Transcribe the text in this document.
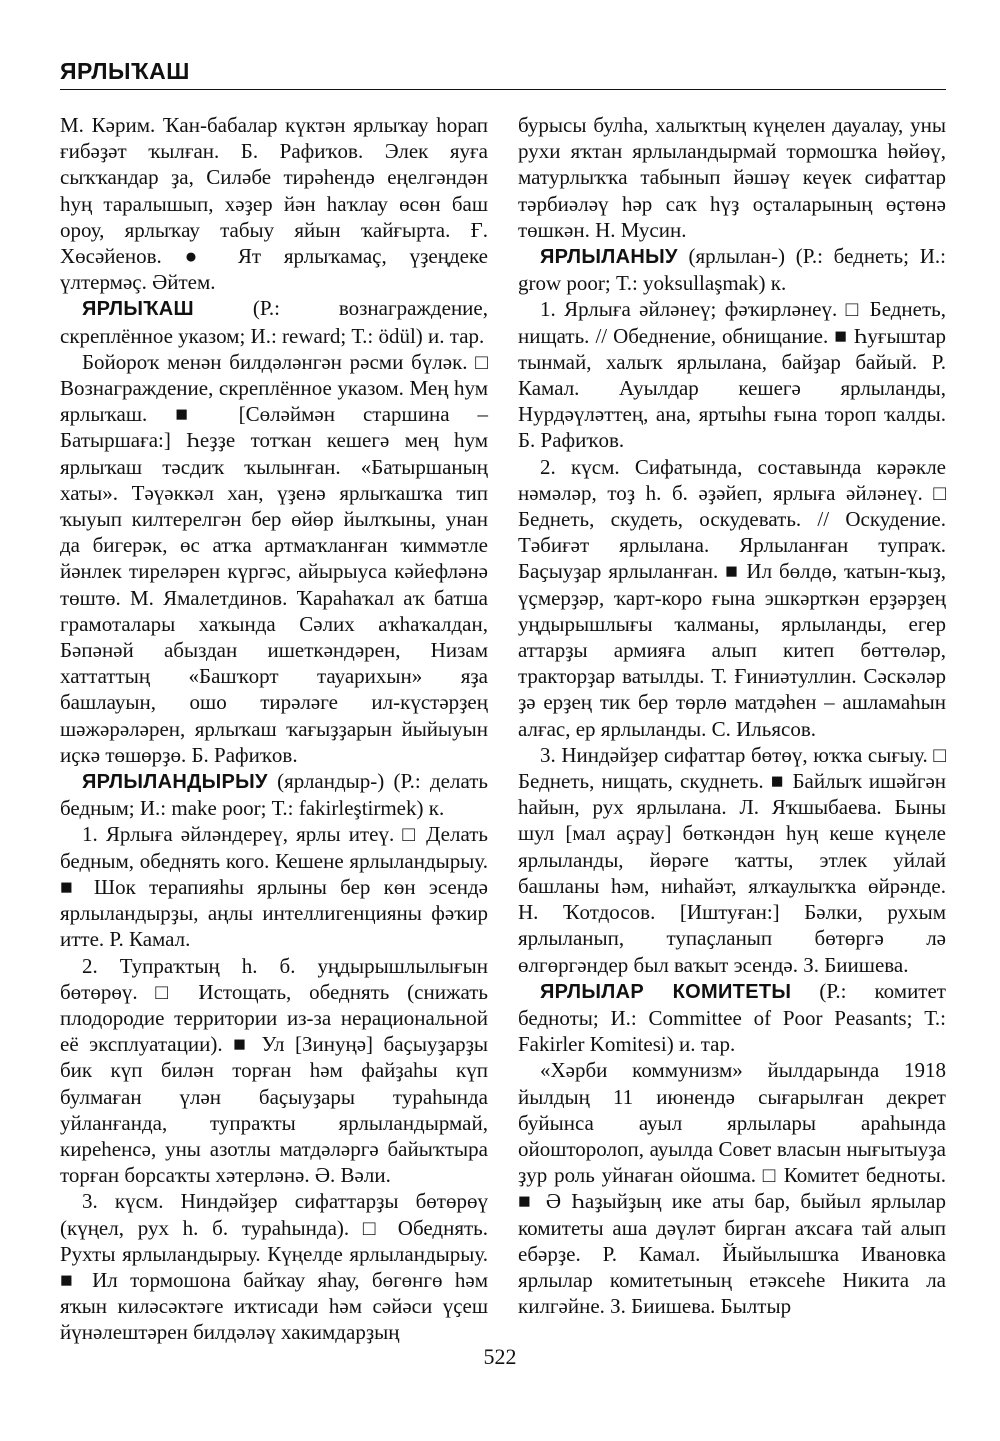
ЯРЛЫҠАШ

М. Кәрим. Ҡан-бабалар күктән ярлыҡау һорап ғибәҙәт ҡылған. Б. Рафиҡов. Элек яуға сыҡҡандар ҙа, Силәбе тирәһендә еңелгәндән һуң таралышып, хәҙер йән һаҡлау өсөн баш ороу, ярлыҡау табыу яйын ҡайғырта. Ғ. Хөсәйенов. ● Ят ярлыҡамаç, үҙеңдеке үлтермәç. Әйтем.

ЯРЛЫҠАШ (Р.: вознаграждение, скреплённое указом; И.: reward; Т.: ödül) и. тар.

Бойороҡ менән билдәләнгән рәсми бүләк. □ Вознаграждение, скреплённое указом. Мең һум ярлыҡаш. ■ [Сөләймән старшина – Батыршаға:] Һеҙҙе тотҡан кешегә мең һум ярлыҡаш тәсдиҡ ҡылынған. «Батыршаның хаты». Тәүәккәл хан, үҙенә ярлыҡашҡа тип ҡыуып килтерелгән бер өйөр йылҡыны, унан да бигерәк, өс атҡа артмаҡланған ҡиммәтле йәнлек тиреләрен күргәс, айырыуса кәйефләнә төштө. М. Ямалетдинов. Ҡараһаҡал аҡ батша грамоталары хаҡында Сәлих аҡһаҡалдан, Бәпәнәй абыздан ишеткәндәрен, Низам хаттаттың «Башҡорт тауарихын» яҙа башлауын, ошо тирәләге ил-күстәрҙең шәжәрәләрен, ярлыҡаш ҡағыҙҙарын йыйыуын иҫкә төшөрҙө. Б. Рафиҡов.

ЯРЛЫЛАНДЫРЫУ (ярландыр-) (Р.: делать бедным; И.: make poor; Т.: fakirleştirmek) к.

1. Ярлыға әйләндереү, ярлы итеү. □ Делать бедным, обеднять кого. Кешене ярлыландырыу. ■ Шок терапияһы ярлыны бер көн эсендә ярлыландырҙы, аңлы интеллигенцияны фәҡир итте. Р. Камал.

2. Тупраҡтың һ. б. уңдырышлылығын бөтөрөү. □ Истощать, обеднять (снижать плодородие территории из-за нерациональной её эксплуатации). ■ Ул [Зинуңә] баҫыуҙарҙы бик күп билән торған һәм файҙаһы күп булмаған үлән баҫыуҙары тураһында уйланғанда, тупраҡты ярлыландырмай, киреһенсә, уны азотлы матдәләргә байыҡтыра торған борсаҡты хәтерләнә. Ә. Вәли.

3. күсм. Ниндәйҙер сифаттарҙы бөтөрөү (күңел, рух һ. б. тураһында). □ Обеднять. Рухты ярлыландырыу. Күңелде ярлыландырыу. ■ Ил тормошона байҡау яһау, бөгөнгө һәм яҡын киләсәктәге иҡтисади һәм сәйәси үҫеш йүнәлештәрен билдәләү хакимдарҙың

бурысы булһа, халыҡтың күңелен дауалау, уны рухи яҡтан ярлыландырмай тормошҡа һөйөү, матурлыҡҡа табынып йәшәү кеүек сифаттар тәрбиәләү һәр саҡ һүҙ оҫталарының өҫтөнә төшкән. Н. Мусин.

ЯРЛЫЛАНЫУ (ярлылан-) (Р.: беднеть; И.: grow poor; Т.: yoksullaşmak) к.

1. Ярлыға әйләнеү; фәҡирләнеү. □ Беднеть, нищать. // Обеднение, обнищание. ■ Һуғыштар тынмай, халыҡ ярлылана, байҙар байый. Р. Камал. Ауылдар кешегә ярлыланды, Нурдәүләттең, ана, яртыһы ғына тороп ҡалды. Б. Рафиҡов.

2. күсм. Сифатында, составында кәрәкле нәмәләр, тоҙ һ. б. әҙәйеп, ярлыға әйләнеү. □ Беднеть, скудеть, оскудевать. // Оскудение. Тәбиғәт ярлылана. Ярлыланған тупраҡ. Баҫыуҙар ярлыланған. ■ Ил бөлдө, ҡатын-ҡыҙ, үҫмерҙәр, ҡарт-коро ғына эшкәрткән ерҙәрҙең уңдырышлығы ҡалманы, ярлыланды, егер аттарҙы армияға алып китеп бөттөләр, тракторҙар ватылды. Т. Ғиниәтуллин. Сәскәләр ҙә ерҙең тик бер төрлө матдәһен – ашламаһын алғас, ер ярлыланды. С. Ильясов.

3. Ниндәйҙер сифаттар бөтөү, юҡҡа сығыу. □ Беднеть, нищать, скуднеть. ■ Байлыҡ ишәйгән һайын, рух ярлылана. Л. Яҡшыбаева. Быны шул [мал аҫрау] бөткәндән һуң кеше күңеле ярлыланды, йөрәге ҡатты, этлек уйлай башланы һәм, ниһайәт, ялҡаулыҡҡа өйрәнде. Н. Ҡотдосов. [Иштуған:] Бәлки, рухым ярлыланып, тупаҫланып бөтөргә лә өлгөргәндер был ваҡыт эсендә. З. Биишева.

ЯРЛЫЛАР КОМИТЕТЫ (Р.: комитет бедноты; И.: Committee of Poor Peasants; Т.: Fakirler Komitesi) и. тар.

«Хәрби коммунизм» йылдарында 1918 йылдың 11 июнендә сығарылған декрет буйынса ауыл ярлылары араһында ойошторолоп, ауылда Совет власын нығытыуҙа ҙур роль уйнаған ойошма. □ Комитет бедноты. ■ Ә Һаҙыйҙың ике аты бар, быйыл ярлылар комитеты аша дәүләт бирган аҡсаға тай алып ебәрҙе. Р. Камал. Йыйылышҡа Ивановка ярлылар комитетының етәксеһе Никита ла килгәйне. З. Биишева. Былтыр

522
